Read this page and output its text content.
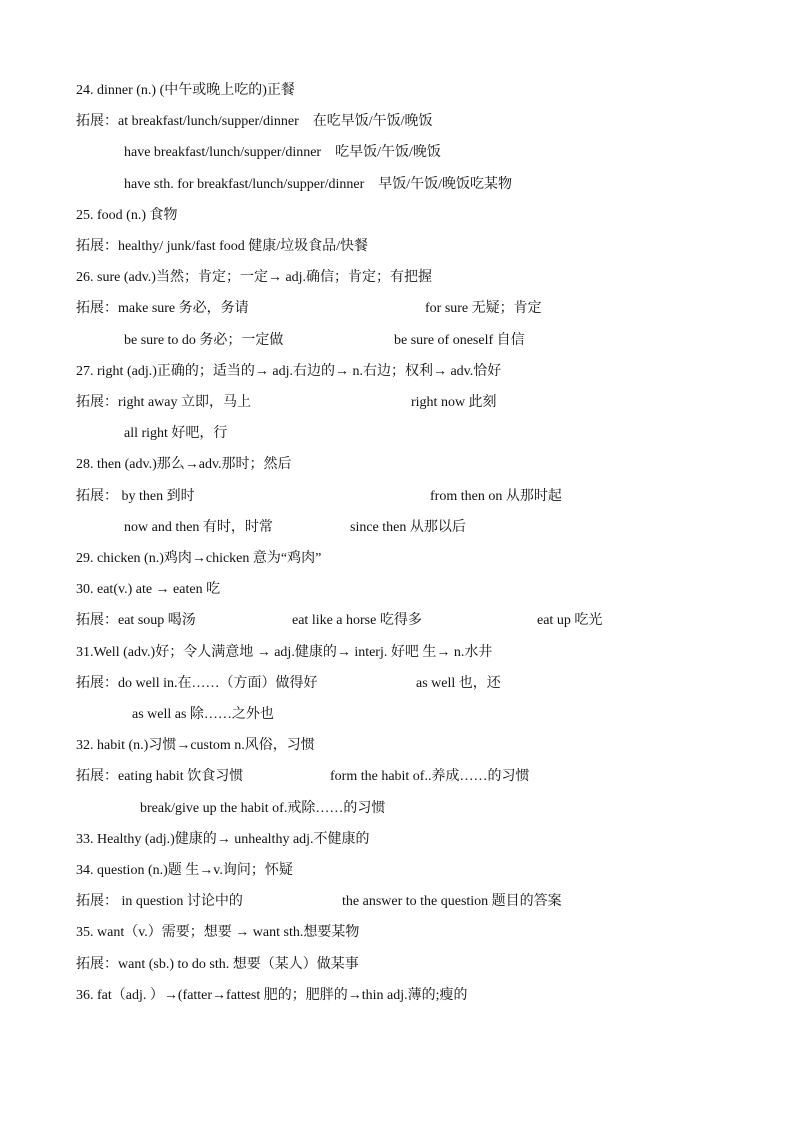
24. dinner (n.) (中午或晚上吃的)正餐
拓展：at breakfast/lunch/supper/dinner　在吃早饭/午饭/晚饭
have breakfast/lunch/supper/dinner　吃早饭/午饭/晚饭
have sth. for breakfast/lunch/supper/dinner　早饭/午饭/晚饭吃某物
25. food (n.) 食物
拓展：healthy/ junk/fast food 健康/垃圾食品/快餐
26. sure (adv.)当然；肯定；一定→ adj.确信；肯定；有把握
拓展：make sure 务必，务请	for sure 无疑；肯定
be sure to do 务必；一定做	be sure of oneself 自信
27. right (adj.)正确的；适当的→ adj.右边的→ n.右边；权利→ adv.恰好
拓展：right away 立即，马上	right now 此刻
all right 好吧，行
28. then (adv.)那么→adv.那时；然后
拓展： by then 到时	from then on 从那时起
now and then 有时，时常	since then 从那以后
29. chicken (n.)鸡肉→chicken 意为“鸡肉”
30. eat(v.) ate → eaten 吃
拓展：eat soup 喝汤	eat like a horse 吃得多	eat up 吃光
31.Well (adv.)好；令人满意地 → adj.健康的→ interj. 好吧 生→ n.水井
拓展：do well in.在……（方面）做得好	as well 也，还
as well as 除……之外也
32. habit (n.)习惯→custom n.风俗，习惯
拓展：eating habit 饮食习惯	form the habit of..养成……的习惯
break/give up the habit of.戒除……的习惯
33. Healthy (adj.)健康的→ unhealthy adj.不健康的
34. question (n.)题 生→v.询问；怀疑
拓展： in question 讨论中的	the answer to the question 题目的答案
35. want（v.）需要；想要 → want sth.想要某物
拓展：want (sb.) to do sth. 想要（某人）做某事
36. fat（adj. ）→(fatter→fattest 肥的；肥胖的→thin adj.薄的;瘦的
